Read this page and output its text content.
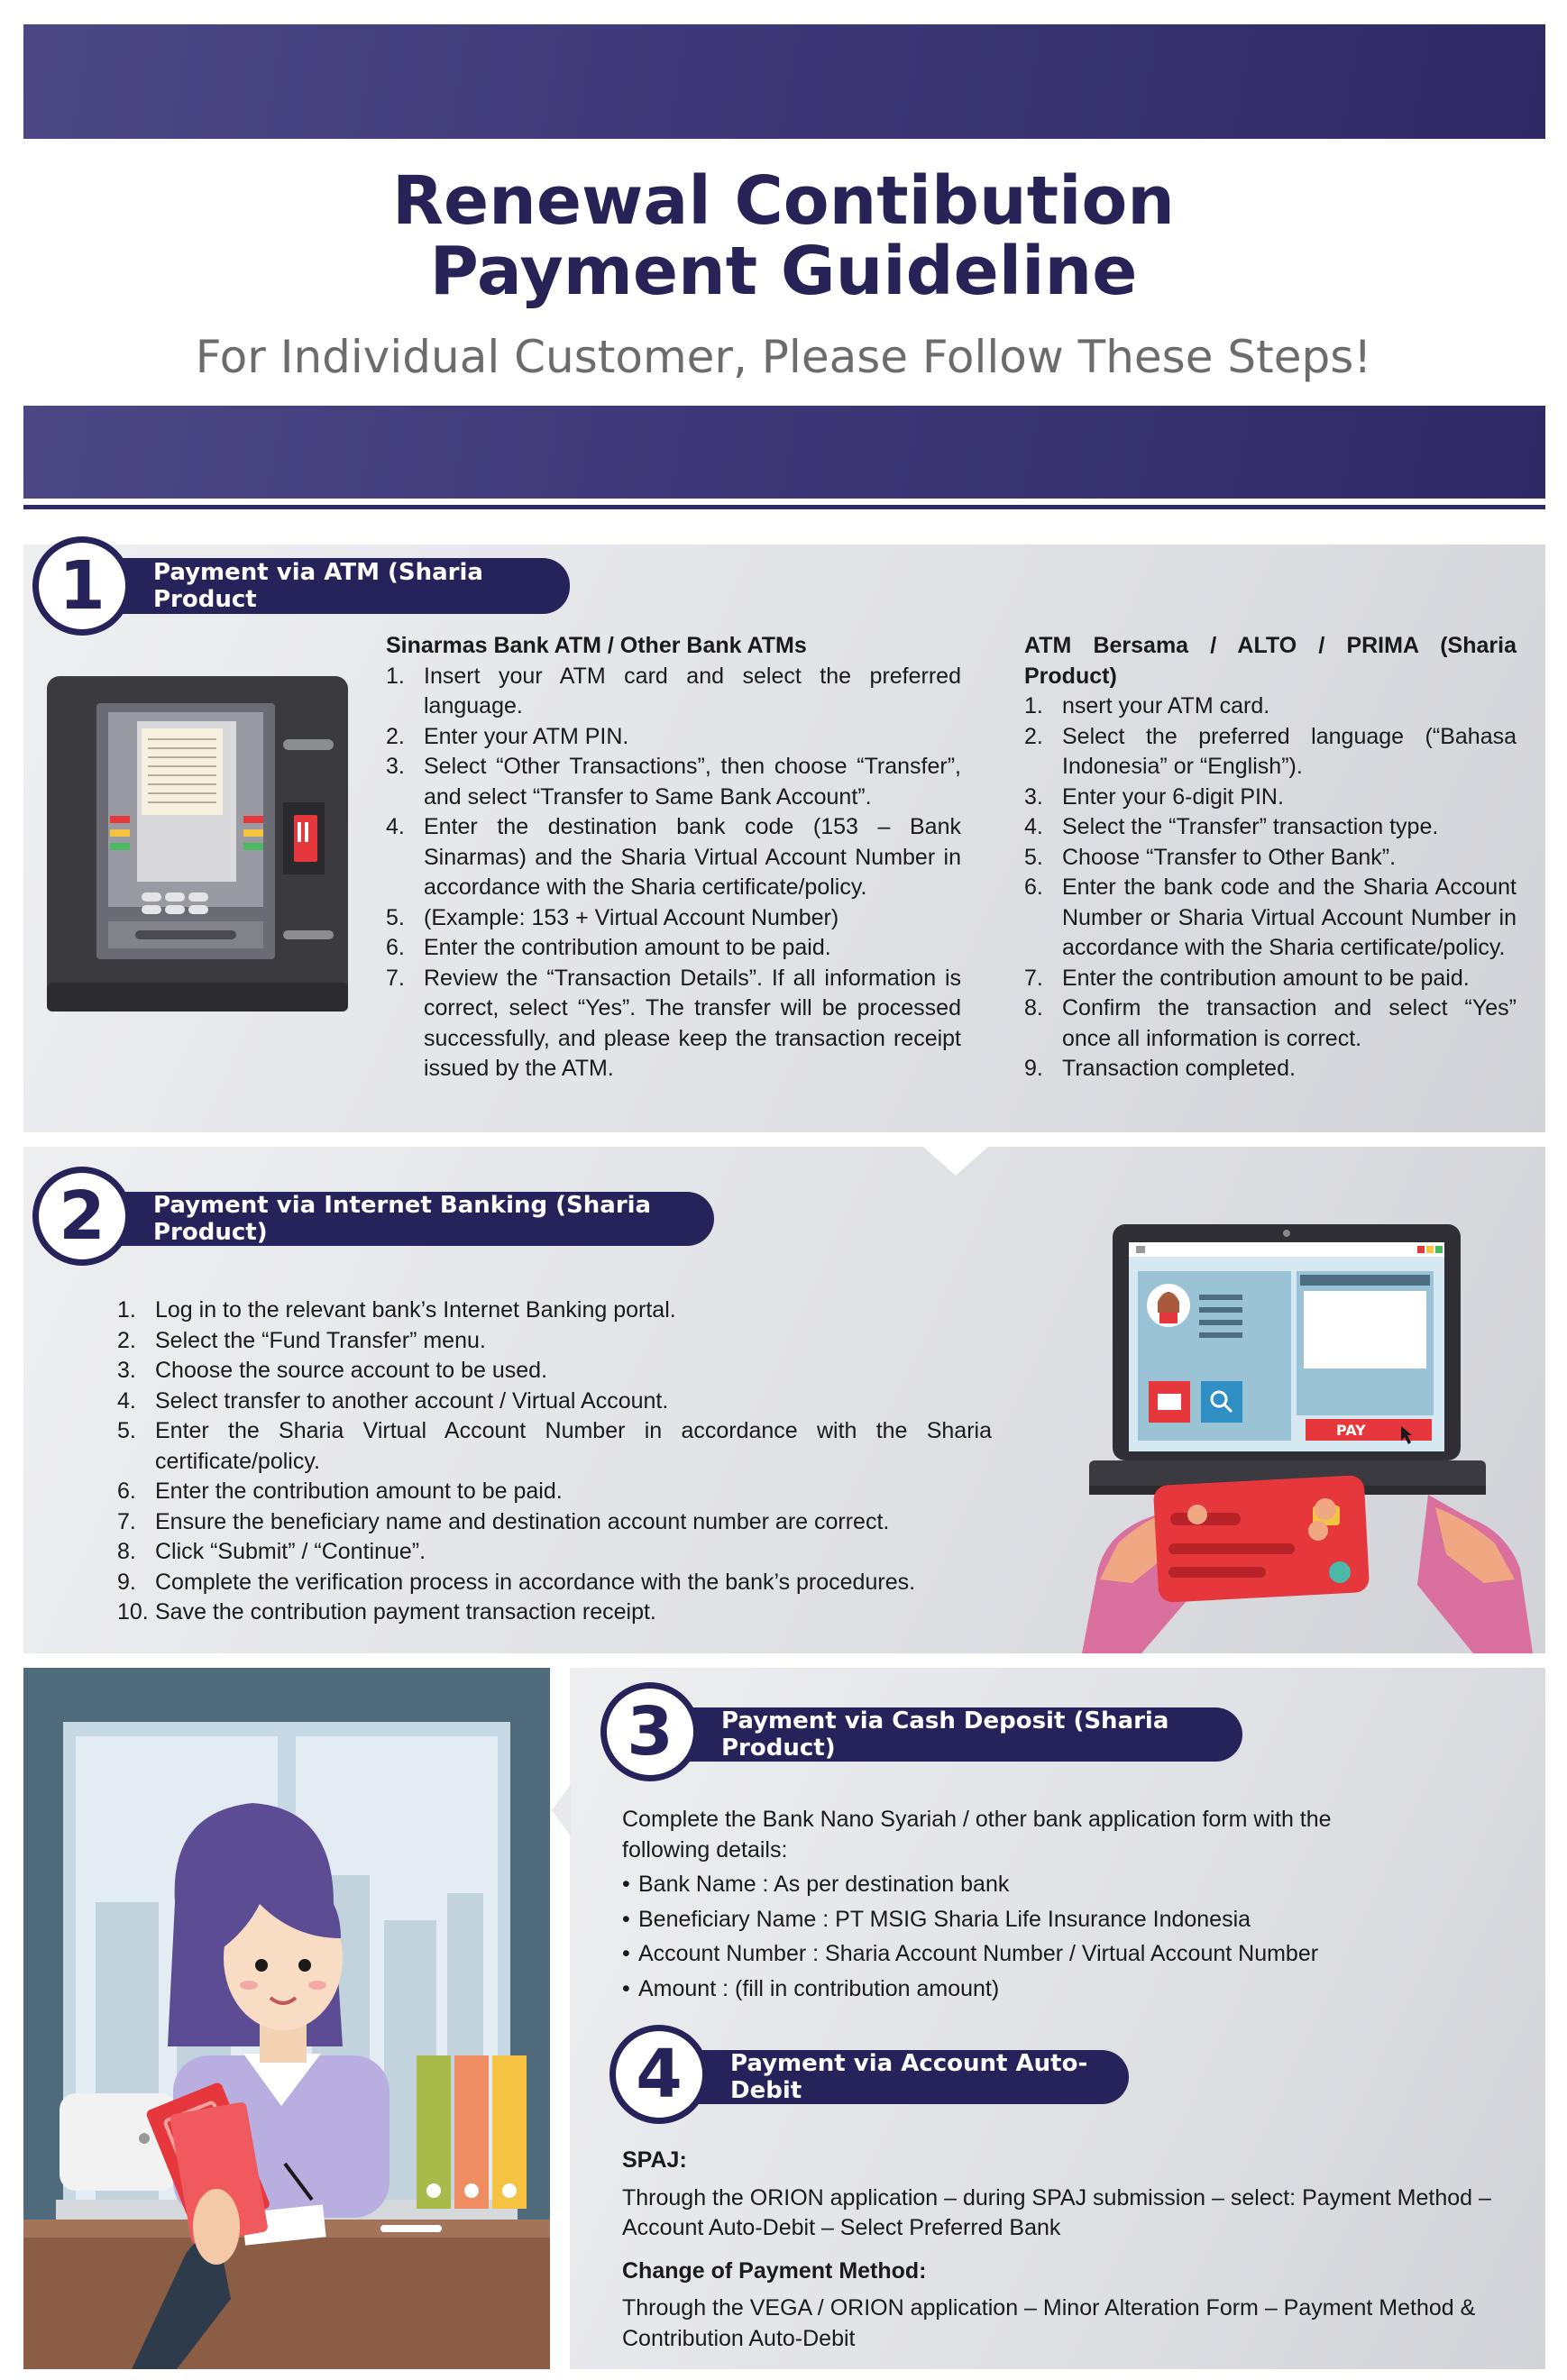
Renewal Contibution
Payment Guideline
For Individual Customer, Please Follow These Steps!
Payment via ATM (Sharia Product
1
Sinarmas Bank ATM / Other Bank ATMs
1. Insert your ATM card and select the preferred language.
2. Enter your ATM PIN.
3. Select “Other Transactions”, then choose “Transfer”, and select “Transfer to Same Bank Account”.
4. Enter the destination bank code (153 – Bank Sinarmas) and the Sharia Virtual Account Number in accordance with the Sharia certificate/policy.
5. (Example: 153 + Virtual Account Number)
6. Enter the contribution amount to be paid.
7. Review the “Transaction Details”. If all information is correct, select “Yes”. The transfer will be processed successfully, and please keep the transaction receipt issued by the ATM.
ATM Bersama / ALTO / PRIMA (Sharia Product)
1. nsert your ATM card.
2. Select the preferred language (“Bahasa Indonesia” or “English”).
3. Enter your 6-digit PIN.
4. Select the “Transfer” transaction type.
5. Choose “Transfer to Other Bank”.
6. Enter the bank code and the Sharia Account Number or Sharia Virtual Account Number in accordance with the Sharia certificate/policy.
7. Enter the contribution amount to be paid.
8. Confirm the transaction and select “Yes” once all information is correct.
9. Transaction completed.
Payment via Internet Banking (Sharia Product)
2
1. Log in to the relevant bank’s Internet Banking portal.
2. Select the “Fund Transfer” menu.
3. Choose the source account to be used.
4. Select transfer to another account / Virtual Account.
5. Enter the Sharia Virtual Account Number in accordance with the Sharia certificate/policy.
6. Enter the contribution amount to be paid.
7. Ensure the beneficiary name and destination account number are correct.
8. Click “Submit” / “Continue”.
9. Complete the verification process in accordance with the bank’s procedures.
10. Save the contribution payment transaction receipt.
PAY
Payment via Cash Deposit (Sharia Product)
3
Complete the Bank Nano Syariah / other bank application form with the following details:
• Bank Name : As per destination bank
• Beneficiary Name : PT MSIG Sharia Life Insurance Indonesia
• Account Number : Sharia Account Number / Virtual Account Number
• Amount : (fill in contribution amount)
Payment via Account Auto-Debit
4
SPAJ:
Through the ORION application – during SPAJ submission – select: Payment Method – Account Auto-Debit – Select Preferred Bank
Change of Payment Method:
Through the VEGA / ORION application – Minor Alteration Form – Payment Method & Contribution Auto-Debit
